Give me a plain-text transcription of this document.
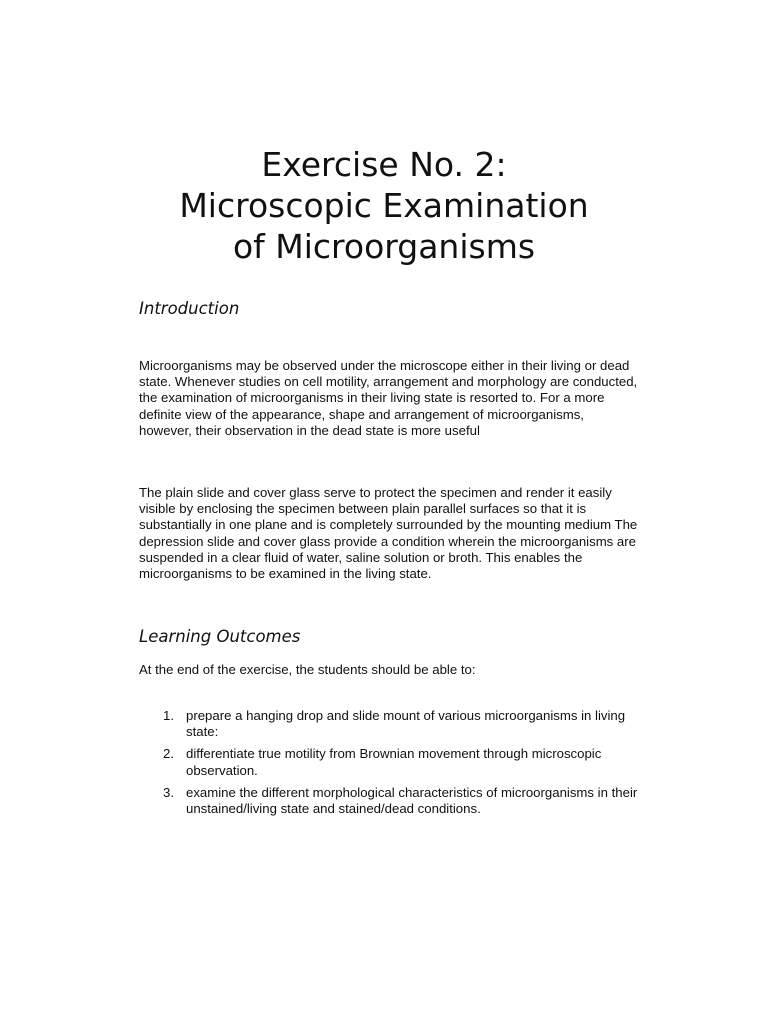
Exercise No. 2:
Microscopic Examination
of Microorganisms
Introduction

Microorganisms may be observed under the microscope either in their living or dead state. Whenever studies on cell motility, arrangement and morphology are conducted, the examination of microorganisms in their living state is resorted to. For a more definite view of the appearance, shape and arrangement of microorganisms, however, their observation in the dead state is more useful

The plain slide and cover glass serve to protect the specimen and render it easily visible by enclosing the specimen between plain parallel surfaces so that it is substantially in one plane and is completely surrounded by the mounting medium The depression slide and cover glass provide a condition wherein the microorganisms are suspended in a clear fluid of water, saline solution or broth. This enables the microorganisms to be examined in the living state.

Learning Outcomes

At the end of the exercise, the students should be able to:

1. prepare a hanging drop and slide mount of various microorganisms in living state:
2. differentiate true motility from Brownian movement through microscopic observation.
3. examine the different morphological characteristics of microorganisms in their unstained/living state and stained/dead conditions.
